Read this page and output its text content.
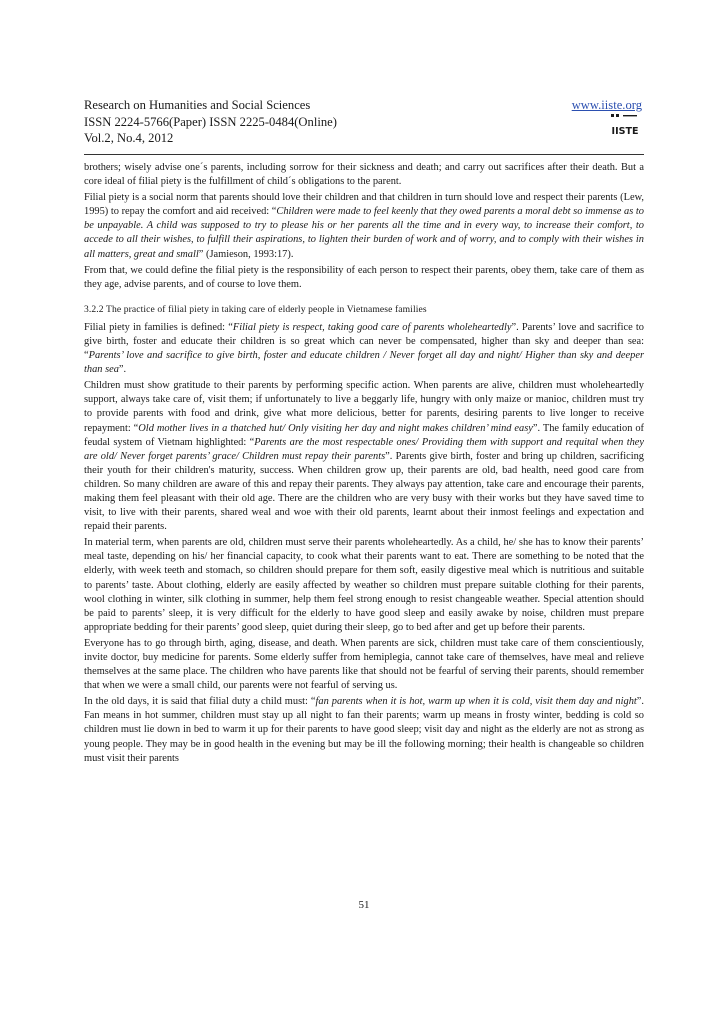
Research on Humanities and Social Sciences
ISSN 2224-5766(Paper) ISSN 2225-0484(Online)
Vol.2, No.4, 2012
www.iiste.org
IISTE

brothers; wisely advise one´s parents, including sorrow for their sickness and death; and carry out sacrifices after their death. But a core ideal of filial piety is the fulfillment of child´s obligations to the parent.

Filial piety is a social norm that parents should love their children and that children in turn should love and respect their parents (Lew, 1995) to repay the comfort and aid received: “Children were made to feel keenly that they owed parents a moral debt so immense as to be unpayable. A child was supposed to try to please his or her parents all the time and in every way, to increase their comfort, to accede to all their wishes, to fulfill their aspirations, to lighten their burden of work and of worry, and to comply with their wishes in all matters, great and small” (Jamieson, 1993:17).

From that, we could define the filial piety is the responsibility of each person to respect their parents, obey them, take care of them as they age, advise parents, and of course to love them.

3.2.2 The practice of filial piety in taking care of elderly people in Vietnamese families

Filial piety in families is defined: “Filial piety is respect, taking good care of parents wholeheartedly”. Parents’ love and sacrifice to give birth, foster and educate their children is so great which can never be compensated, higher than sky and deeper than sea: “Parents’ love and sacrifice to give birth, foster and educate children / Never forget all day and night/ Higher than sky and deeper than sea”.

Children must show gratitude to their parents by performing specific action. When parents are alive, children must wholeheartedly support, always take care of, visit them; if unfortunately to live a beggarly life, hungry with only maize or manioc, children must try to provide parents with food and drink, give what more delicious, better for parents, desiring parents to live longer to receive repayment: “Old mother lives in a thatched hut/ Only visiting her day and night makes children’ mind easy”. The family education of feudal system of Vietnam highlighted: “Parents are the most respectable ones/ Providing them with support and requital when they are old/ Never forget parents’ grace/ Children must repay their parents”. Parents give birth, foster and bring up children, sacrificing their youth for their children's maturity, success. When children grow up, their parents are old, bad health, need good care from children. So many children are aware of this and repay their parents. They always pay attention, take care and encourage their parents, making them feel pleasant with their old age. There are the children who are very busy with their works but they have saved time to visit, to live with their parents, shared weal and woe with their old parents, learnt about their inmost feelings and expectation and repaid their parents.

In material term, when parents are old, children must serve their parents wholeheartedly. As a child, he/ she has to know their parents’ meal taste, depending on his/ her financial capacity, to cook what their parents want to eat. There are something to be noted that the elderly, with week teeth and stomach, so children should prepare for them soft, easily digestive meal which is nutritious and suitable to parents’ taste. About clothing, elderly are easily affected by weather so children must prepare suitable clothing for their parents, wool clothing in winter, silk clothing in summer, help them feel strong enough to resist changeable weather. Special attention should be paid to parents’ sleep, it is very difficult for the elderly to have good sleep and easily awake by noise, children must prepare appropriate bedding for their parents’ good sleep, quiet during their sleep, go to bed after and get up before their parents.

Everyone has to go through birth, aging, disease, and death. When parents are sick, children must take care of them conscientiously, invite doctor, buy medicine for parents. Some elderly suffer from hemiplegia, cannot take care of themselves, have meal and relieve themselves at the same place. The children who have parents like that should not be fearful of serving their parents, should remember that when we were a small child, our parents were not fearful of serving us.

In the old days, it is said that filial duty a child must: “fan parents when it is hot, warm up when it is cold, visit them day and night”. Fan means in hot summer, children must stay up all night to fan their parents; warm up means in frosty winter, bedding is cold so children must lie down in bed to warm it up for their parents to have good sleep; visit day and night as the elderly are not as strong as young people. They may be in good health in the evening but may be ill the following morning; their health is changeable so children must visit their parents

51
